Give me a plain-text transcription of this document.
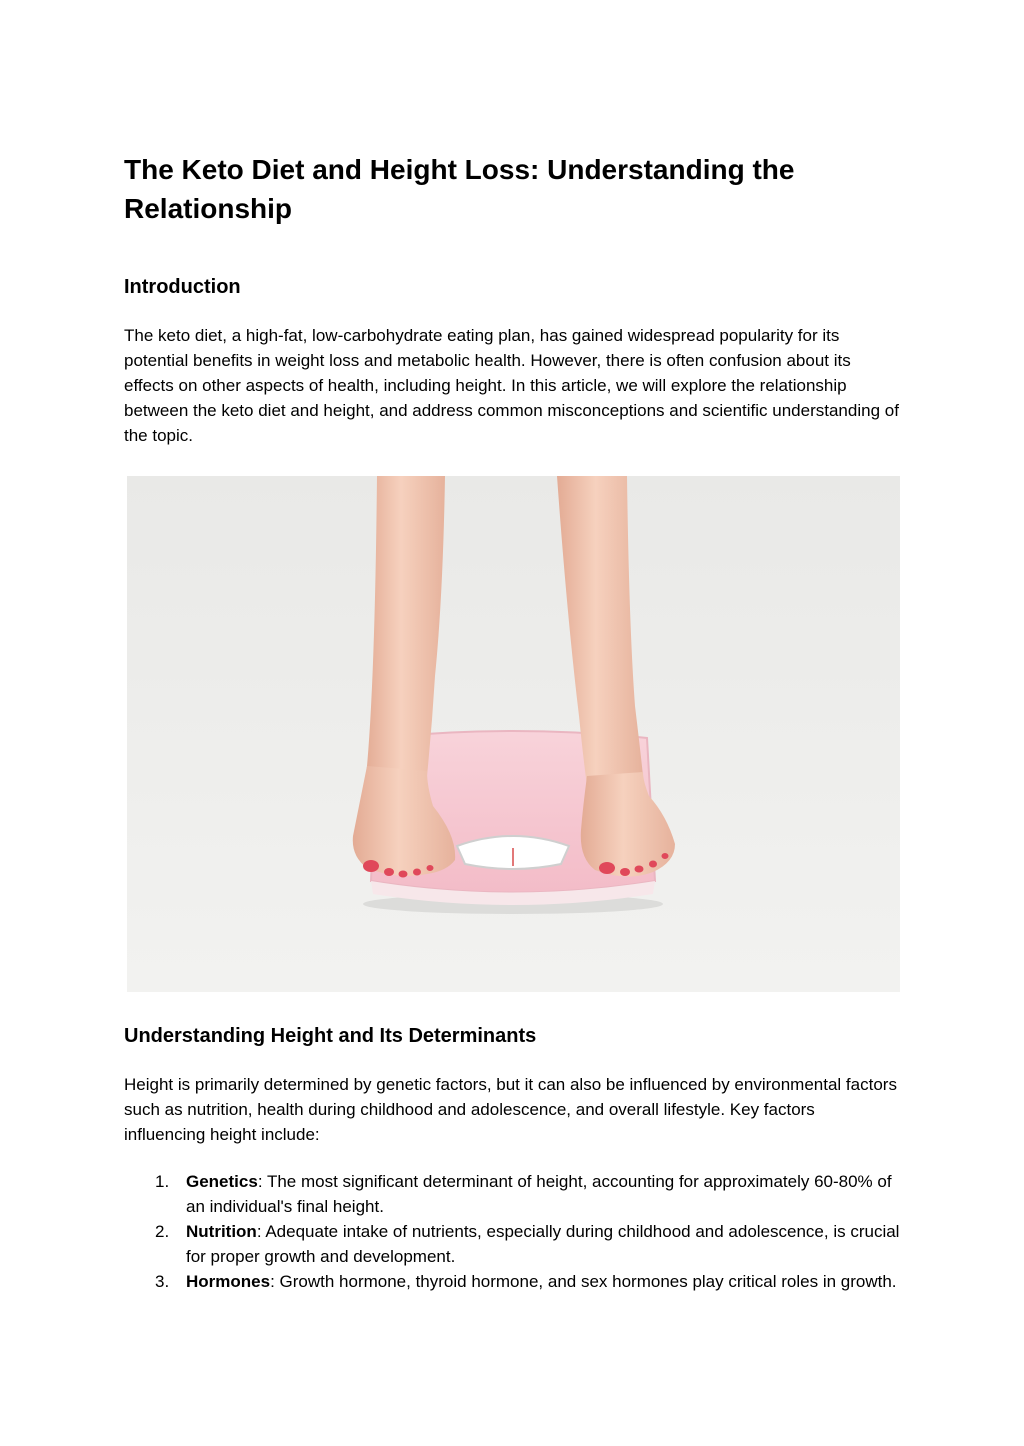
The Keto Diet and Height Loss: Understanding the Relationship
Introduction

The keto diet, a high-fat, low-carbohydrate eating plan, has gained widespread popularity for its potential benefits in weight loss and metabolic health. However, there is often confusion about its effects on other aspects of health, including height. In this article, we will explore the relationship between the keto diet and height, and address common misconceptions and scientific understanding of the topic.

Understanding Height and Its Determinants

Height is primarily determined by genetic factors, but it can also be influenced by environmental factors such as nutrition, health during childhood and adolescence, and overall lifestyle. Key factors influencing height include:

1. Genetics: The most significant determinant of height, accounting for approximately 60-80% of an individual's final height.
2. Nutrition: Adequate intake of nutrients, especially during childhood and adolescence, is crucial for proper growth and development.
3. Hormones: Growth hormone, thyroid hormone, and sex hormones play critical roles in growth.
